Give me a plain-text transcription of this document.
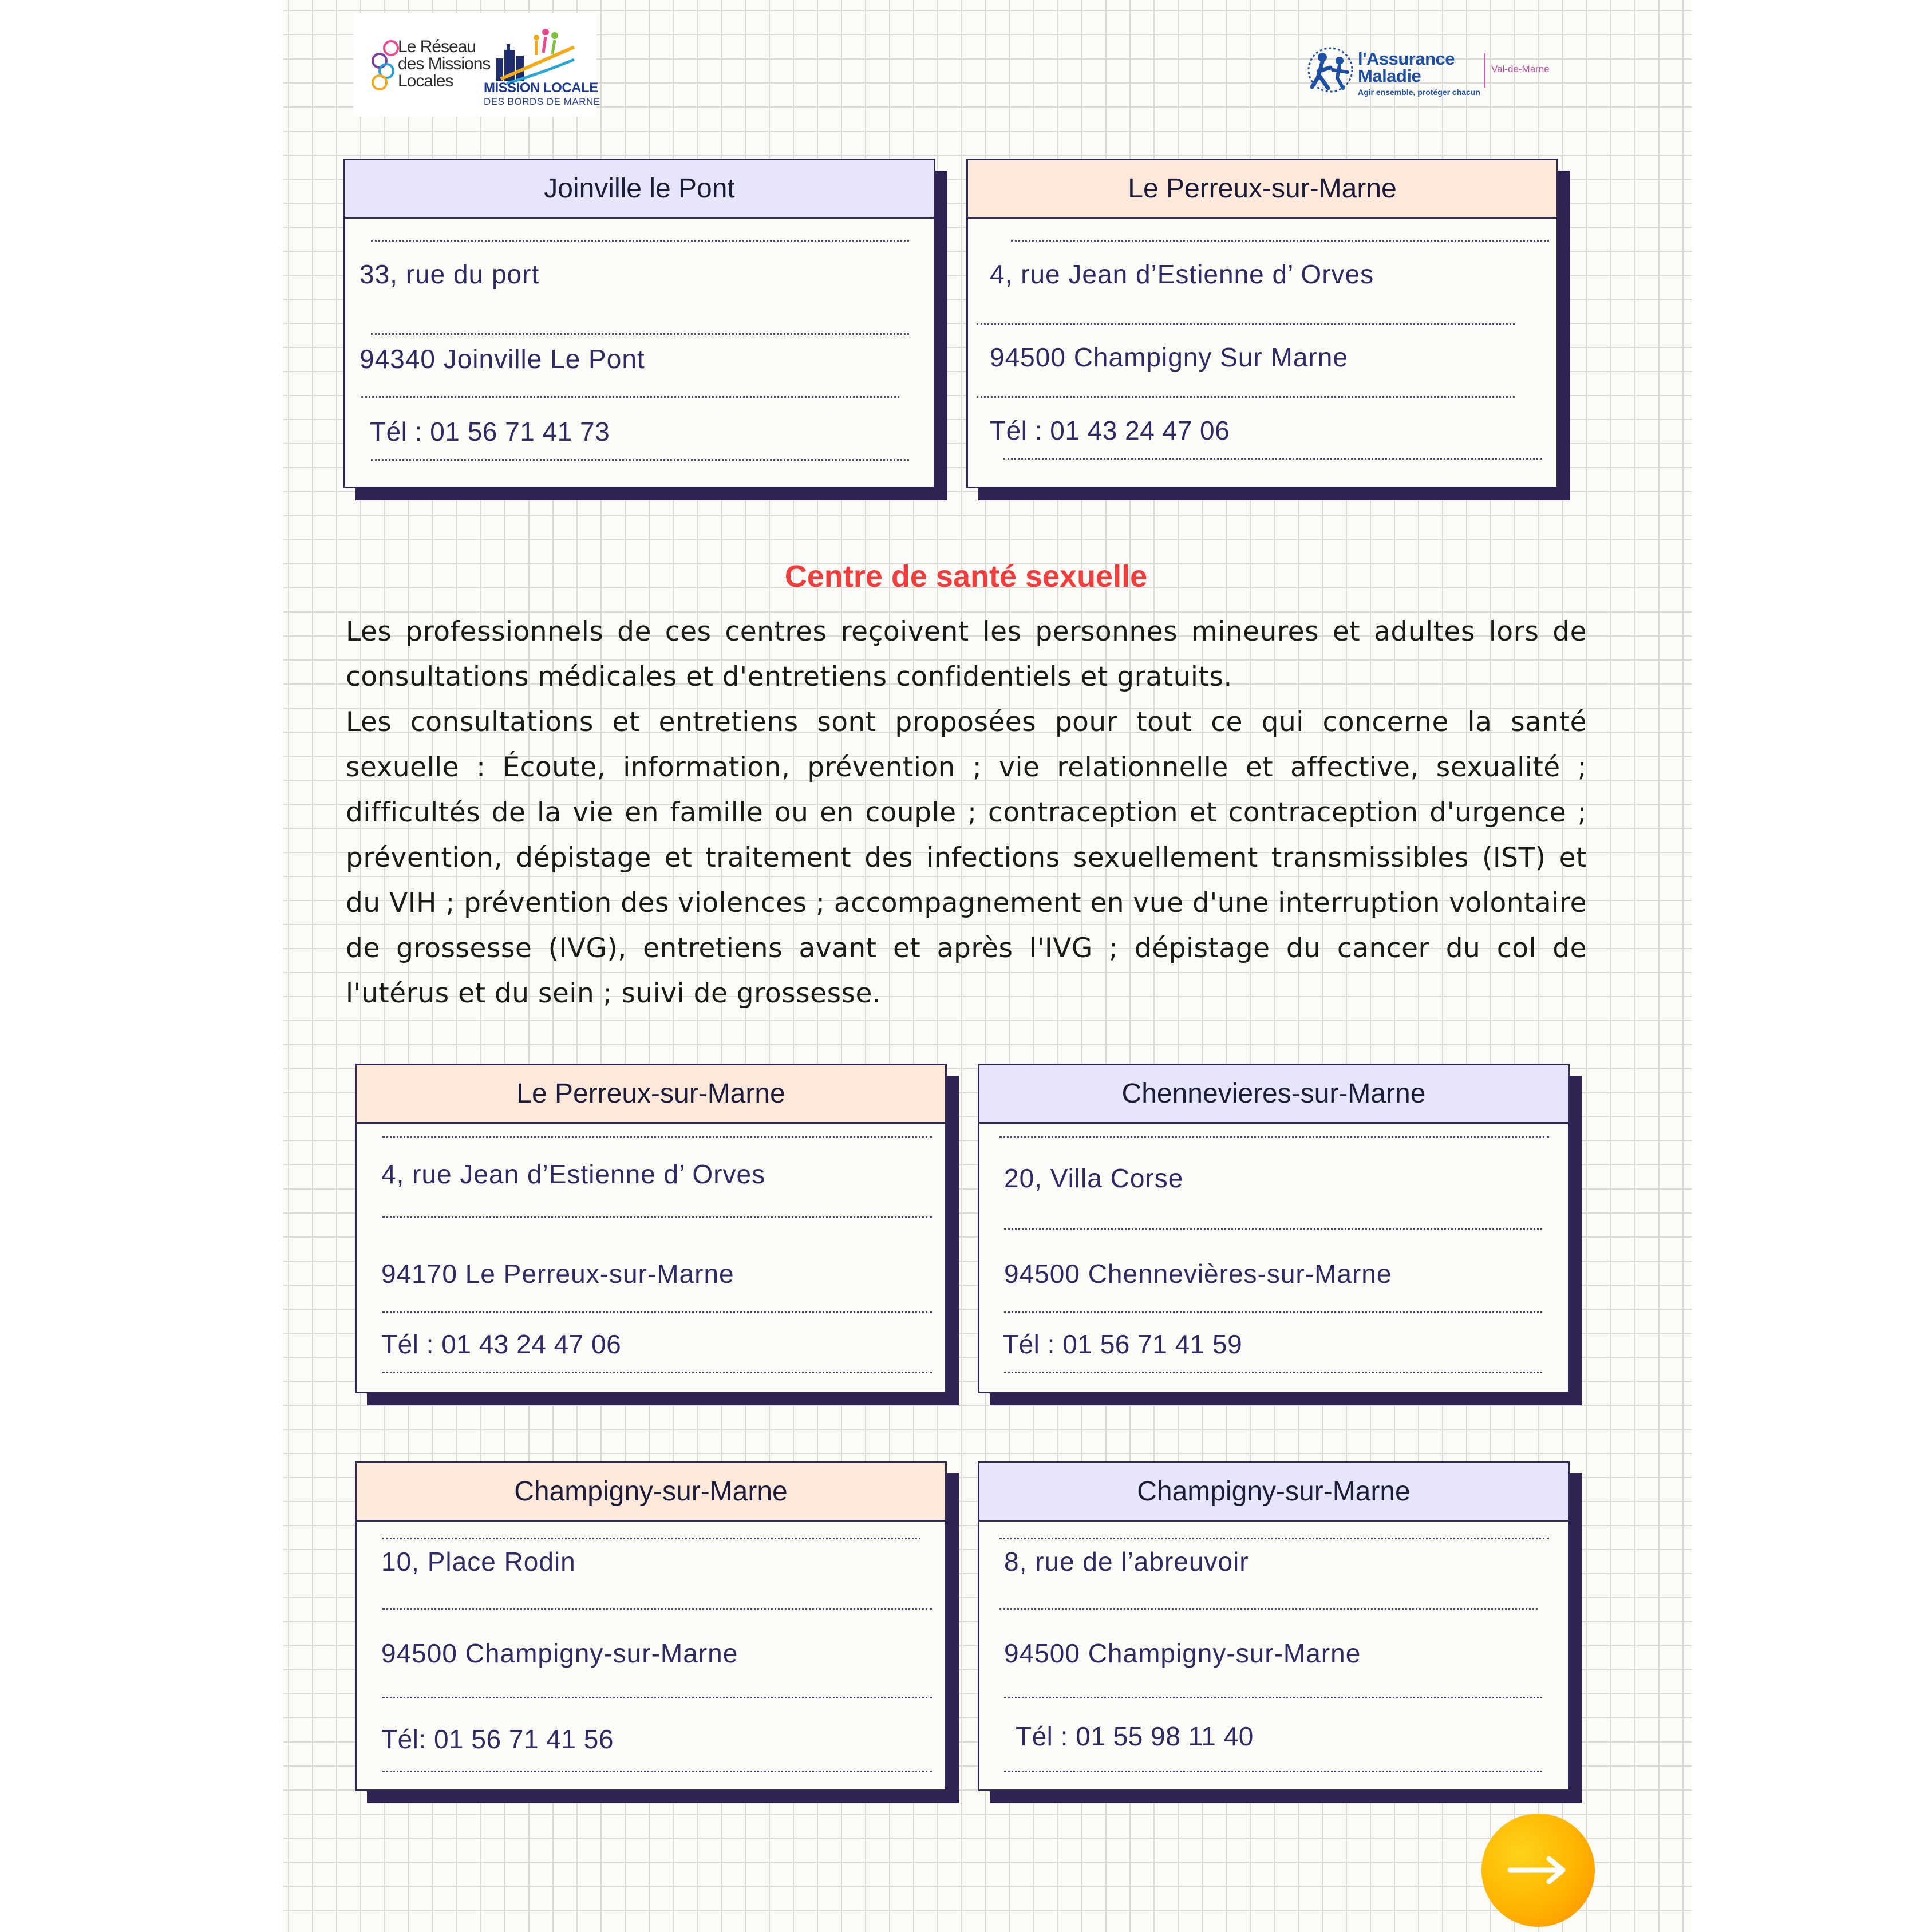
Le Réseau
des Missions
Locales	MISSION LOCALE
DES BORDS DE MARNE
l'Assurance
Maladie
Agir ensemble, protéger chacun
Val-de-Marne
Joinville le Pont
33, rue du port
94340 Joinville Le Pont
Tél : 01 56 71 41 73
Le Perreux-sur-Marne
4, rue Jean d’Estienne d’ Orves
94500 Champigny Sur Marne
Tél : 01 43 24 47 06
Centre de santé sexuelle
Les professionnels de ces centres reçoivent les personnes mineures et adultes lors de consultations médicales et d'entretiens confidentiels et gratuits.
Les consultations et entretiens sont proposées pour tout ce qui concerne la santé sexuelle : Écoute, information, prévention ; vie relationnelle et affective, sexualité ; difficultés de la vie en famille ou en couple ; contraception et contraception d'urgence ; prévention, dépistage et traitement des infections sexuellement transmissibles (IST) et du VIH ; prévention des violences ; accompagnement en vue d'une interruption volontaire de grossesse (IVG), entretiens avant et après l'IVG ; dépistage du cancer du col de l'utérus et du sein ; suivi de grossesse.
Le Perreux-sur-Marne
4, rue Jean d’Estienne d’ Orves
94170 Le Perreux-sur-Marne
Tél : 01 43 24 47 06
Chennevieres-sur-Marne
20, Villa Corse
94500 Chennevières-sur-Marne
Tél : 01 56 71 41 59
Champigny-sur-Marne
10, Place Rodin
94500 Champigny-sur-Marne
Tél: 01 56 71 41 56
Champigny-sur-Marne
8, rue de l’abreuvoir
94500 Champigny-sur-Marne
Tél : 01 55 98 11 40
